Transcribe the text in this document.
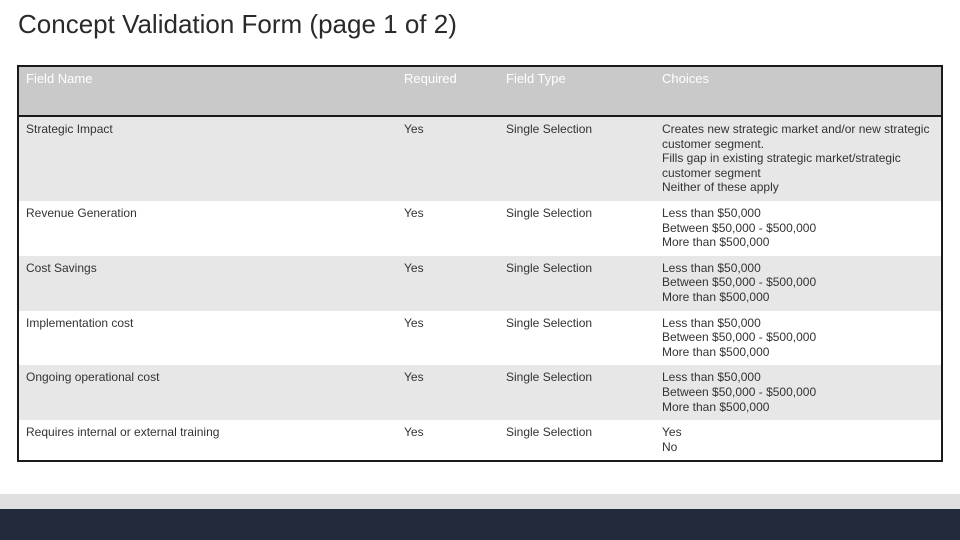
Concept Validation Form (page 1 of 2)
Field Name	Required	Field Type	Choices
Strategic Impact	Yes	Single Selection	Creates new strategic market and/or new strategic customer segment.
Fills gap in existing strategic market/strategic customer segment
Neither of these apply

Revenue Generation	Yes	Single Selection	Less than $50,000
Between $50,000 - $500,000
More than $500,000

Cost Savings	Yes	Single Selection	Less than $50,000
Between $50,000 - $500,000
More than $500,000

Implementation cost	Yes	Single Selection	Less than $50,000
Between $50,000 - $500,000
More than $500,000

Ongoing operational cost	Yes	Single Selection	Less than $50,000
Between $50,000 - $500,000
More than $500,000

Requires internal or external training	Yes	Single Selection	Yes
No
